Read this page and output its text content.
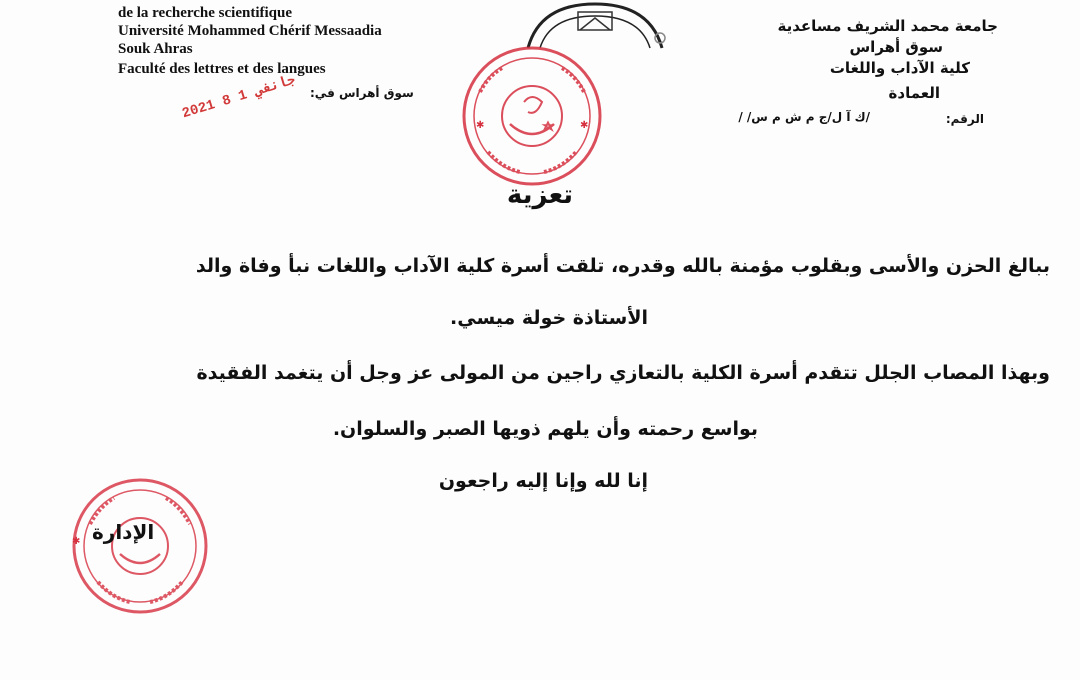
de la recherche scientifique
Université Mohammed Chérif Messaadia
Souk Ahras
Faculté des lettres et des langues
جامعة محمد الشريف مساعدية
سوق أهراس
كلية الآداب واللغات
العمادة
سوق أهراس في:
الرقم:
/ك آ ل/ج م ش م س/ /
2021 جانفي 1 8
✱	✱
تعزية
ببالغ الحزن والأسى وبقلوب مؤمنة بالله وقدره، تلقت أسرة كلية الآداب واللغات نبأ وفاة والد
الأستاذة خولة ميسي.
وبهذا المصاب الجلل تتقدم أسرة الكلية بالتعازي راجين من المولى عز وجل أن يتغمد الفقيدة
بواسع رحمته وأن يلهم ذويها الصبر والسلوان.
إنا لله وإنا إليه راجعون
✱ الإدارة
